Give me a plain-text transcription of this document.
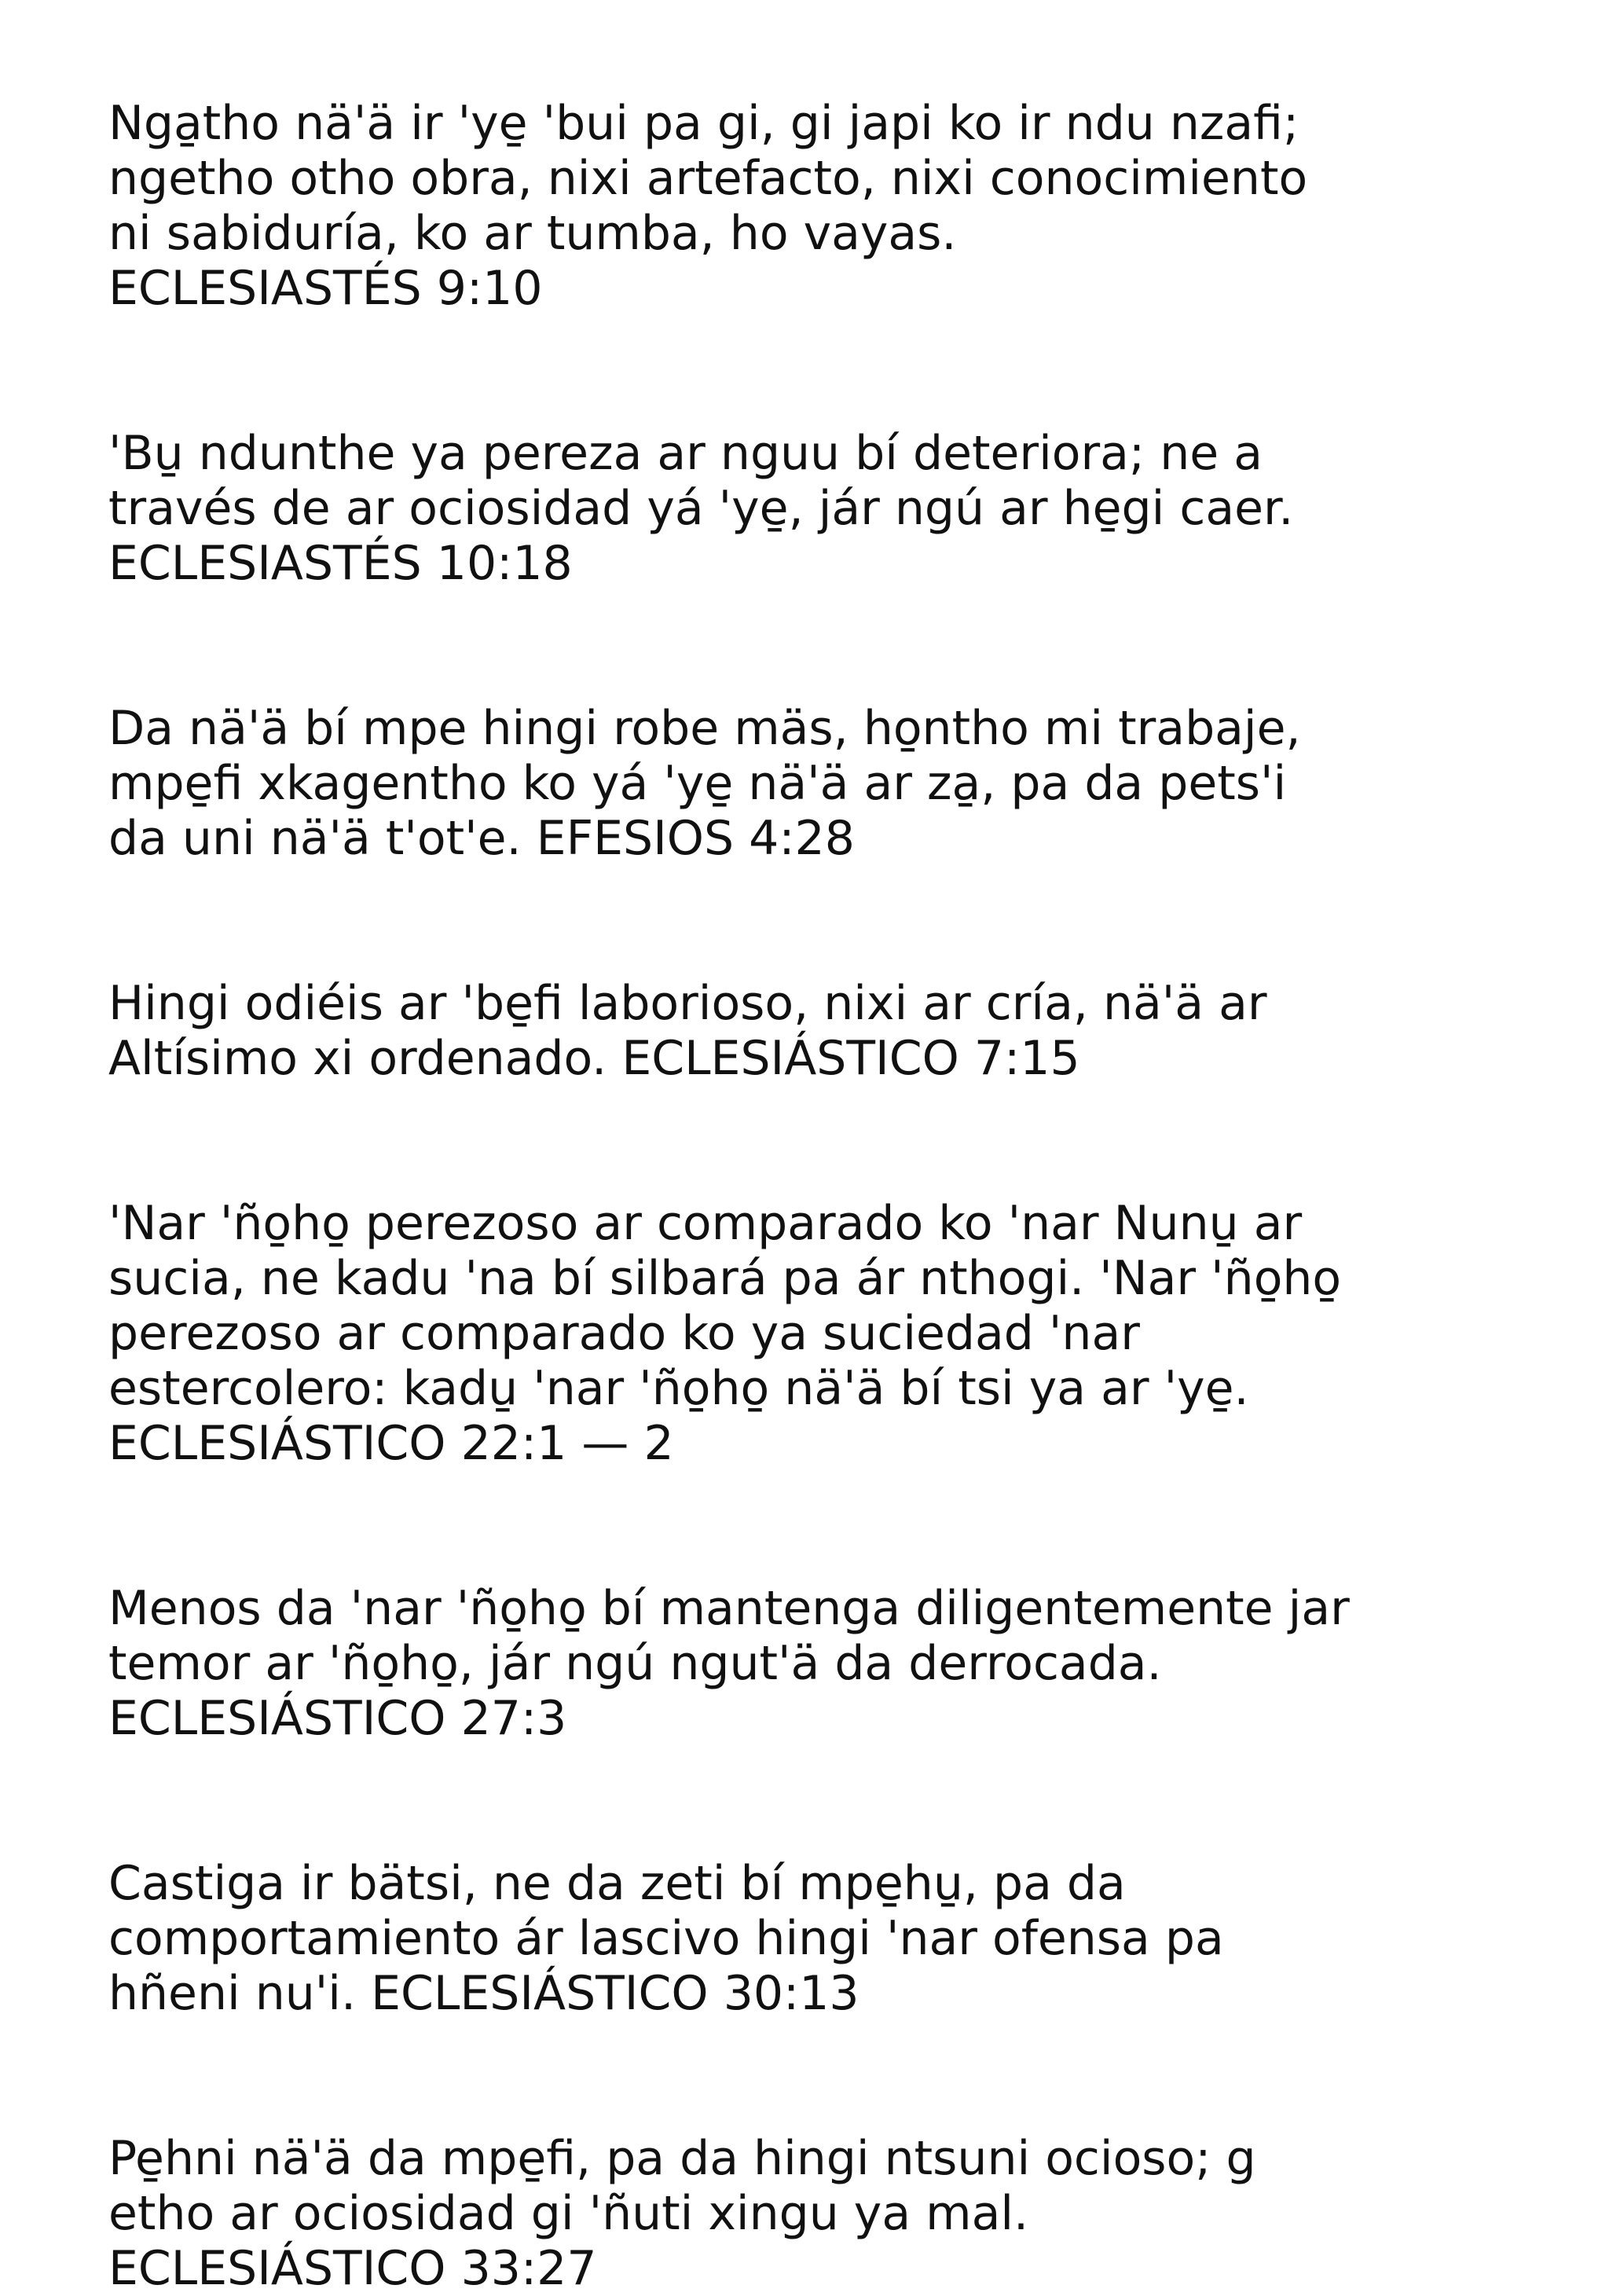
Nga̱tho nä'ä ir 'ye̱ 'bui pa gi, gi japi ko ir ndu nzafi;
ngetho otho obra, nixi artefacto, nixi conocimiento
ni sabiduría, ko ar tumba, ho vayas.
ECLESIASTÉS 9:10

'Bu̱ ndunthe ya pereza ar nguu bí deteriora; ne a
través de ar ociosidad yá 'ye̱, jár ngú ar he̱gi caer.
ECLESIASTÉS 10:18

Da nä'ä bí mpe hingi robe mäs, ho̱ntho mi trabaje,
mpe̱fi xkagentho ko yá 'ye̱ nä'ä ar za̱, pa da pets'i
da uni nä'ä t'ot'e. EFESIOS 4:28

Hingi odiéis ar 'be̱fi laborioso, nixi ar cría, nä'ä ar
Altísimo xi ordenado. ECLESIÁSTICO 7:15

'Nar 'ño̱ho̱ perezoso ar comparado ko 'nar Nunu̱ ar
sucia, ne kadu 'na bí silbará pa ár nthogi. 'Nar 'ño̱ho̱
perezoso ar comparado ko ya suciedad 'nar
estercolero: kadu̱ 'nar 'ño̱ho̱ nä'ä bí tsi ya ar 'ye̱.
ECLESIÁSTICO 22:1 — 2

Menos da 'nar 'ño̱ho̱ bí mantenga diligentemente jar
temor ar 'ño̱ho̱, jár ngú ngut'ä da derrocada.
ECLESIÁSTICO 27:3

Castiga ir bätsi, ne da zeti bí mpe̱hu̱, pa da
comportamiento ár lascivo hingi 'nar ofensa pa
hñeni nu'i. ECLESIÁSTICO 30:13

Pe̱hni nä'ä da mpe̱fi, pa da hingi ntsuni ocioso; g
etho ar ociosidad gi 'ñuti xingu ya mal.
ECLESIÁSTICO 33:27
